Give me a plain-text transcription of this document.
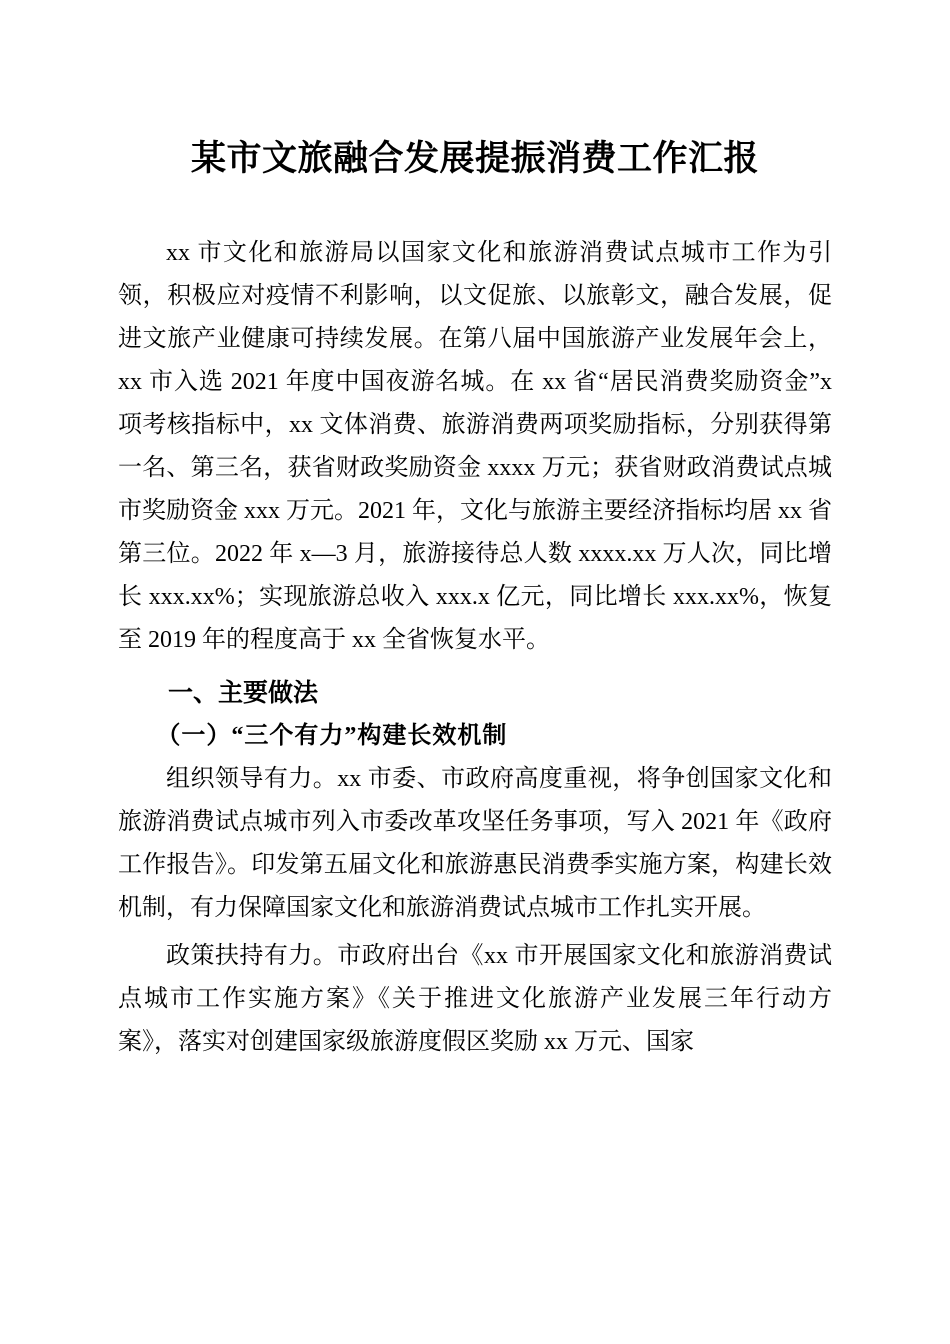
某市文旅融合发展提振消费工作汇报

xx 市文化和旅游局以国家文化和旅游消费试点城市工作为引领，积极应对疫情不利影响，以文促旅、以旅彰文，融合发展，促进文旅产业健康可持续发展。在第八届中国旅游产业发展年会上，xx 市入选 2021 年度中国夜游名城。在 xx 省“居民消费奖励资金”x 项考核指标中，xx 文体消费、旅游消费两项奖励指标，分别获得第一名、第三名，获省财政奖励资金 xxxx 万元；获省财政消费试点城市奖励资金 xxx 万元。2021 年，文化与旅游主要经济指标均居 xx 省第三位。2022 年 x—3 月，旅游接待总人数 xxxx.xx 万人次，同比增长 xxx.xx%；实现旅游总收入 xxx.x 亿元，同比增长 xxx.xx%，恢复至 2019 年的程度高于 xx 全省恢复水平。

一、主要做法
（一）“三个有力”构建长效机制

组织领导有力。xx 市委、市政府高度重视，将争创国家文化和旅游消费试点城市列入市委改革攻坚任务事项，写入 2021 年《政府工作报告》。印发第五届文化和旅游惠民消费季实施方案，构建长效机制，有力保障国家文化和旅游消费试点城市工作扎实开展。

政策扶持有力。市政府出台《xx 市开展国家文化和旅游消费试点城市工作实施方案》《关于推进文化旅游产业发展三年行动方案》，落实对创建国家级旅游度假区奖励 xx 万元、国家
